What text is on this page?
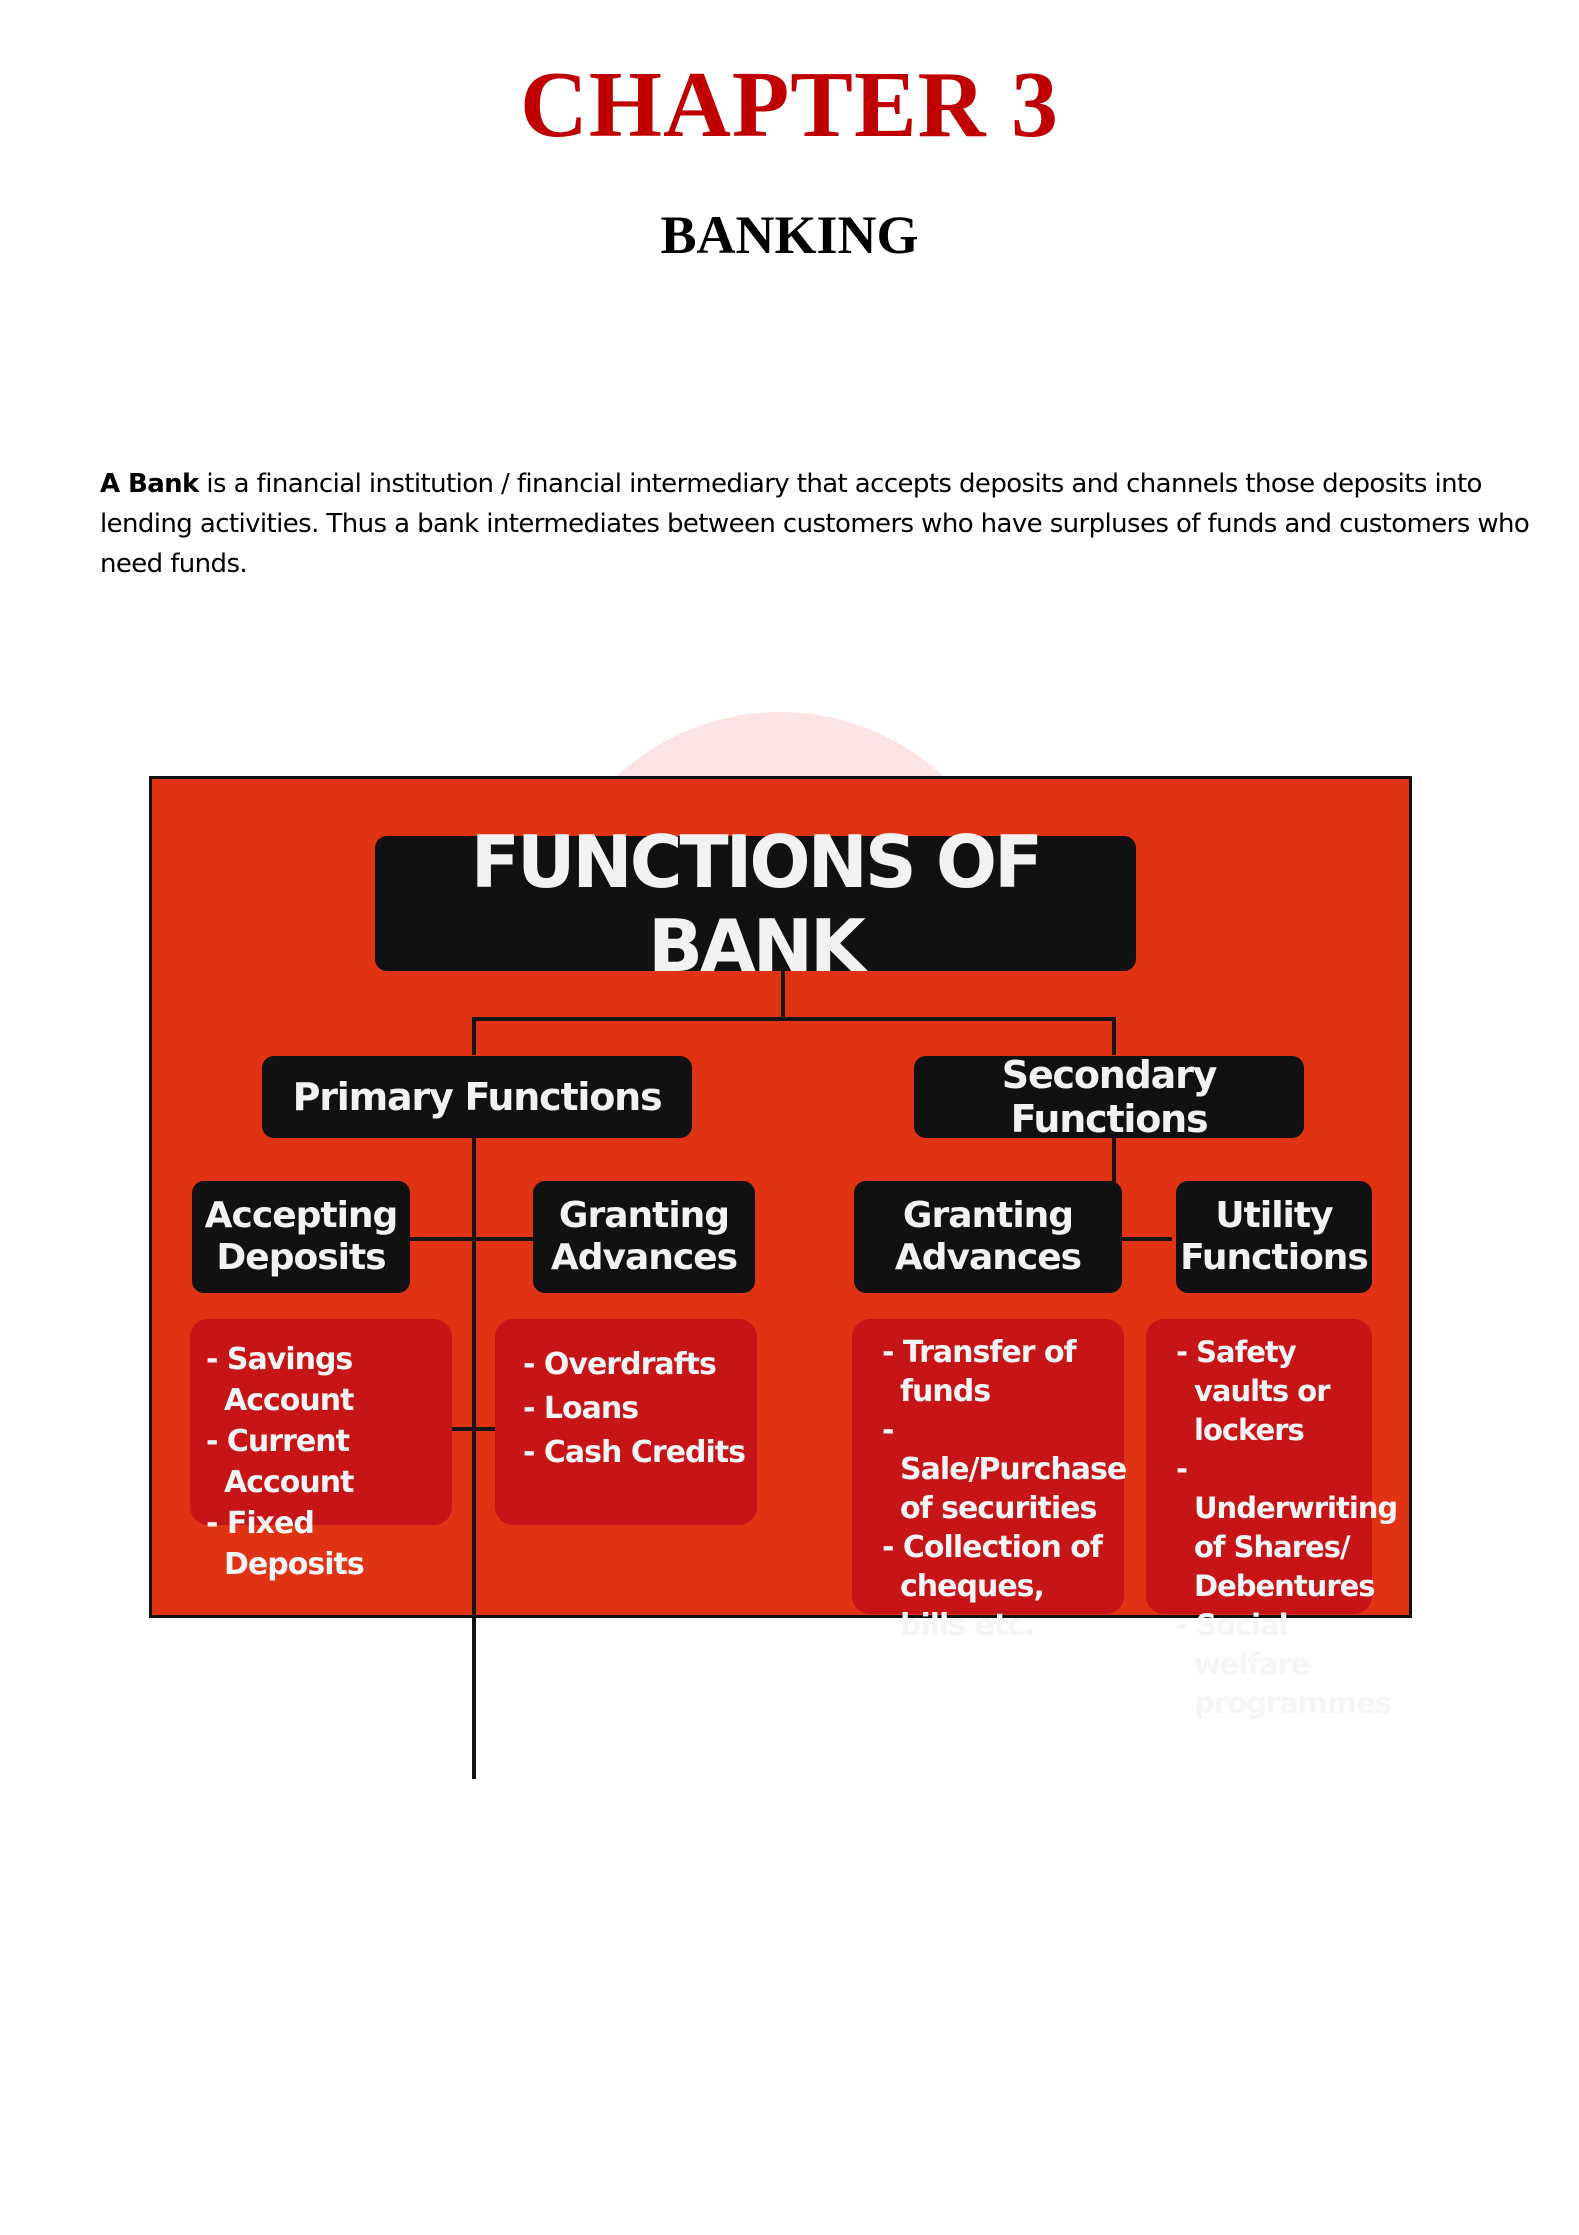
CHAPTER 3
BANKING

A Bank is a financial institution / financial intermediary that accepts deposits and channels those deposits into lending activities. Thus a bank intermediates between customers who have surpluses of funds and customers who need funds.

FUNCTIONS OF BANK
Primary Functions	Secondary Functions
Accepting
Deposits
Granting
Advances
Granting
Advances
Utility
Functions
- Savings Account
- Current Account
- Fixed Deposits
- Overdrafts
- Loans
- Cash Credits
- Transfer of funds
- Sale/Purchase of securities
- Collection of cheques, bills etc.
- Safety vaults or lockers
- Underwriting of Shares/ Debentures
- Social welfare programmes
